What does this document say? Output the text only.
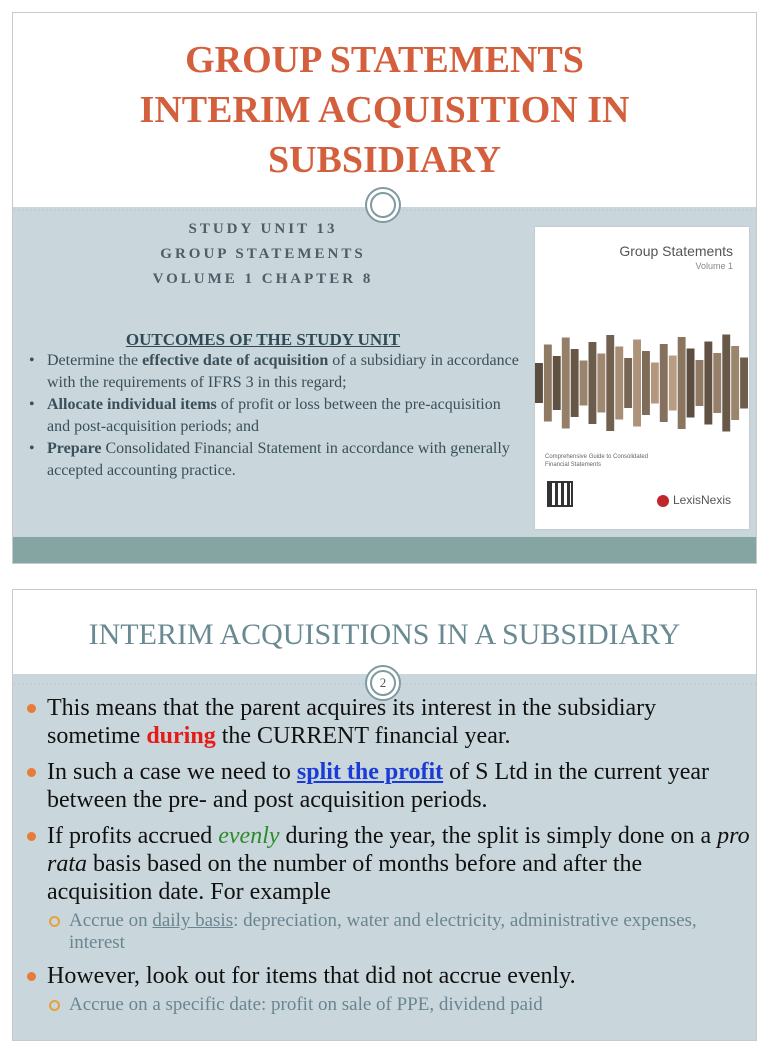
GROUP STATEMENTS
INTERIM ACQUISITION IN
SUBSIDIARY
STUDY UNIT 13
GROUP STATEMENTS
VOLUME 1 CHAPTER 8
OUTCOMES OF THE STUDY UNIT
• Determine the effective date of acquisition of a subsidiary in accordance with the requirements of IFRS 3 in this regard;
• Allocate individual items of profit or loss between the pre-acquisition and post-acquisition periods; and
• Prepare Consolidated Financial Statement in accordance with generally accepted accounting practice.
Group Statements
Volume 1
Comprehensive Guide to Consolidated Financial Statements
LexisNexis
INTERIM ACQUISITIONS IN A SUBSIDIARY
2
This means that the parent acquires its interest in the subsidiary sometime during the CURRENT financial year.
In such a case we need to split the profit of S Ltd in the current year between the pre- and post acquisition periods.
If profits accrued evenly during the year, the split is simply done on a pro rata basis based on the number of months before and after the acquisition date. For example
Accrue on daily basis: depreciation, water and electricity, administrative expenses, interest
However, look out for items that did not accrue evenly.
Accrue on a specific date: profit on sale of PPE, dividend paid
